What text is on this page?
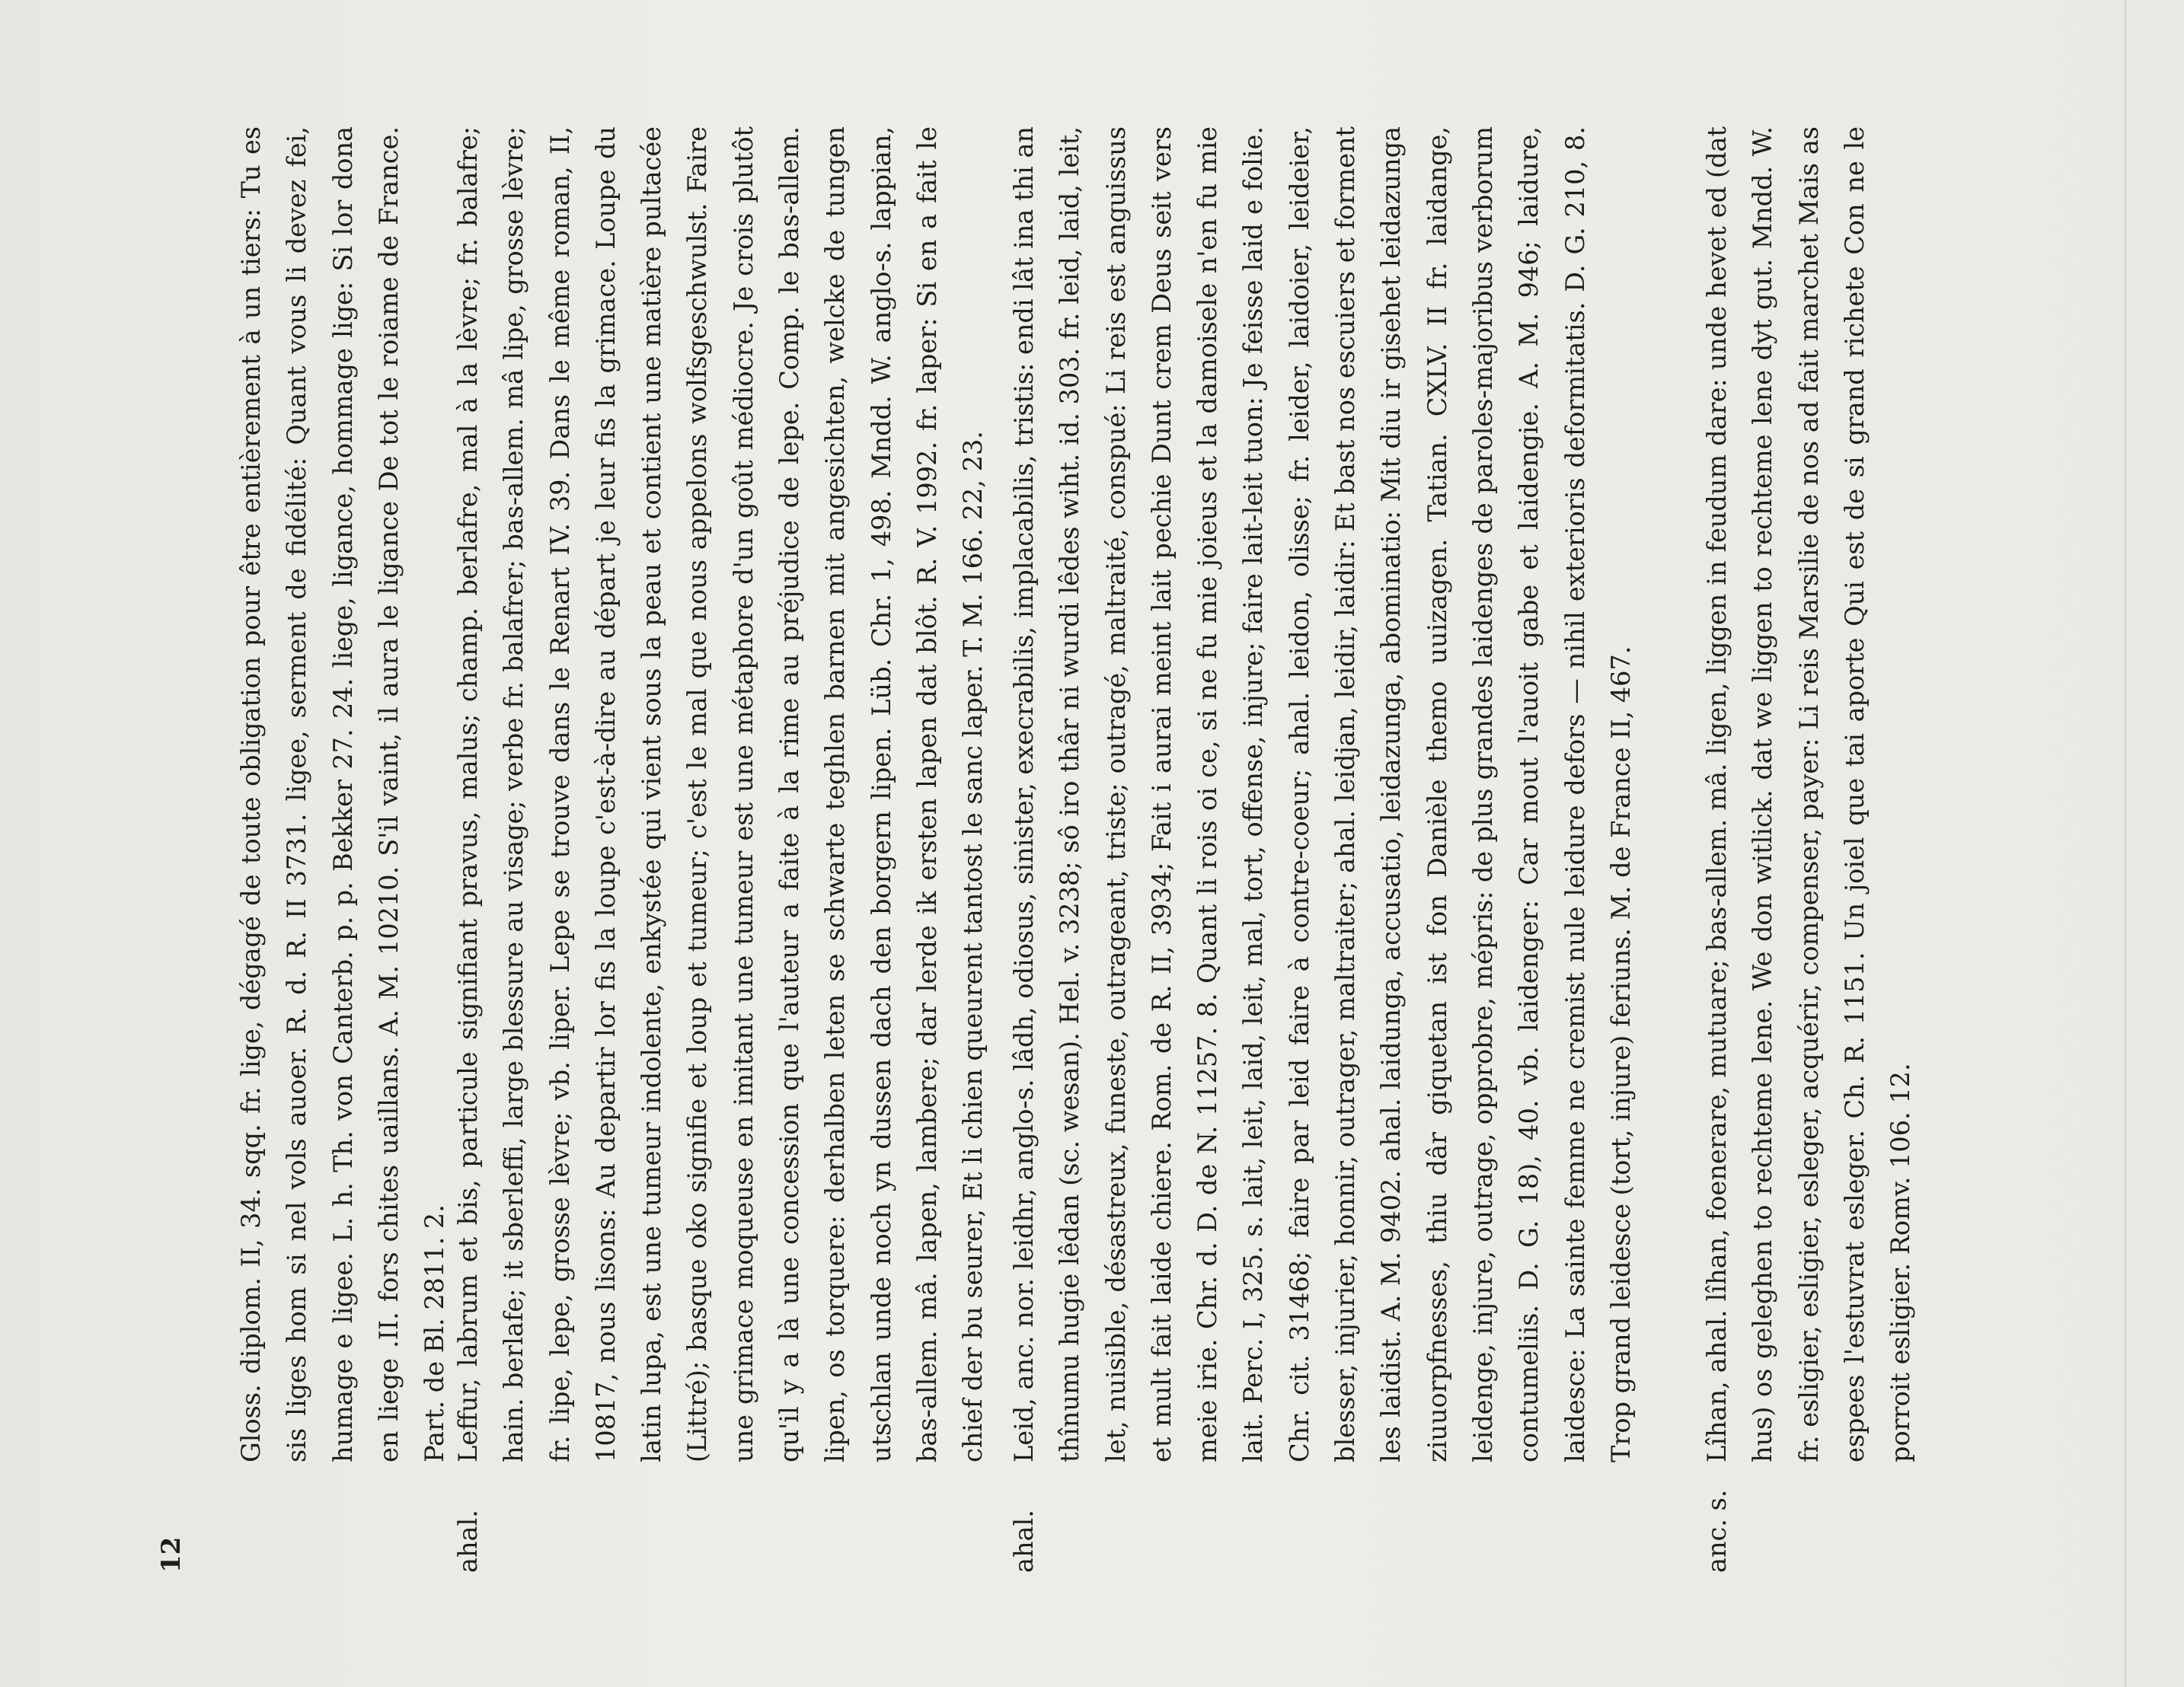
12

Gloss. diplom. II, 34. sqq. fr. lige, dégagé de toute obligation pour être entièrement à un tiers: Tu es sis liges hom si nel vols auoer. R. d. R. II 3731. ligee, serment de fidélité: Quant vous li devez fei, humage e ligee. L. h. Th. von Canterb. p. p. Bekker 27. 24. liege, ligance, hommage lige: Si lor dona en liege .II. fors chites uaillans. A. M. 10210. S'il vaint, il aura le ligance De tot le roiame de France. Part. de Bl. 2811. 2.

ahal.

Leffur, labrum et bis, particule signifiant pravus, malus; champ. berlafre, mal à la lèvre; fr. balafre; hain. berlafe; it sberleffi, large blessure au visage; verbe fr. balafrer; bas-allem. mâ lipe, grosse lèvre; fr. lipe, lepe, grosse lèvre; vb. liper. Lepe se trouve dans le Renart IV. 39. Dans le même roman, II, 10817, nous lisons: Au departir lor fis la loupe c'est-à-dire au départ je leur fis la grimace. Loupe du latin lupa, est une tumeur indolente, enkystée qui vient sous la peau et contient une matière pultacée (Littré); basque oko signifie et loup et tumeur; c'est le mal que nous appelons wolfsgeschwulst. Faire une grimace moqueuse en imitant une tumeur est une métaphore d'un goût médiocre. Je crois plutôt qu'il y a là une concession que l'auteur a faite à la rime au préjudice de lepe. Comp. le bas-allem. lipen, os torquere: derhalben leten se schwarte teghlen barnen mit angesichten, welcke de tungen utschlan unde noch yn dussen dach den borgern lipen. Lüb. Chr. 1, 498. Mndd. W. anglo-s. lappian, bas-allem. mâ. lapen, lambere; dar lerde ik ersten lapen dat blôt. R. V. 1992. fr. laper: Si en a fait le chief der bu seurer, Et li chien queurent tantost le sanc laper. T. M. 166. 22, 23.

ahal.

Leid, anc. nor. leidhr, anglo-s. lâdh, odiosus, sinister, execrabilis, implacabilis, tristis: endi lât ina thi an thînumu hugie lêdan (sc. wesan). Hel. v. 3238; sô iro thâr ni wurdi lêdes wiht. id. 303. fr. leid, laid, leit, let, nuisible, désastreux, funeste, outrageant, triste; outragé, maltraité, conspué: Li reis est anguissus et mult fait laide chiere. Rom. de R. II, 3934; Fait i aurai meint lait pechie Dunt crem Deus seit vers meie irie. Chr. d. D. de N. 11257. 8. Quant li rois oi ce, si ne fu mie joieus et la damoisele n'en fu mie lait. Perc. I, 325. s. lait, leit, laid, leit, mal, tort, offense, injure; faire lait-leit tuon: Je feisse laid e folie. Chr. cit. 31468; faire par leid faire à contre-coeur; ahal. leidon, olisse; fr. leider, laidoier, leideier, blesser, injurier, honnir, outrager, maltraiter; ahal. leidjan, leidir, laidir: Et bast nos escuiers et forment les laidist. A. M. 9402. ahal. laidunga, accusatio, leidazunga, abominatio: Mit diu ir gisehet leidazunga ziuuorpfnesses, thiu dâr giquetan ist fon Danièle themo uuizagen. Tatian. CXLV. II fr. laidange, leidenge, injure, outrage, opprobre, mépris: de plus grandes laidenges de paroles-majoribus verborum contumeliis. D. G. 18), 40. vb. laidenger: Car mout l'auoit gabe et laidengie. A. M. 946; laidure, laidesce: La sainte femme ne cremist nule leidure defors — nihil exterioris deformitatis. D. G. 210, 8. Trop grand leidesce (tort, injure) feriuns. M. de France II, 467.

anc. s.

Lîhan, ahal. lîhan, foenerare, mutuare; bas-allem. mâ. ligen, liggen in feudum dare: unde hevet ed (dat hus) os geleghen to rechteme lene. We don witlick. dat we liggen to rechteme lene dyt gut. Mndd. W. fr. esligier, esligier, esleger, acquérir, compenser, payer: Li reis Marsilie de nos ad fait marchet Mais as espees l'estuvrat esleger. Ch. R. 1151. Un joiel que tai aporte Qui est de si grand richete Con ne le porroit esligier. Romv. 106. 12.
